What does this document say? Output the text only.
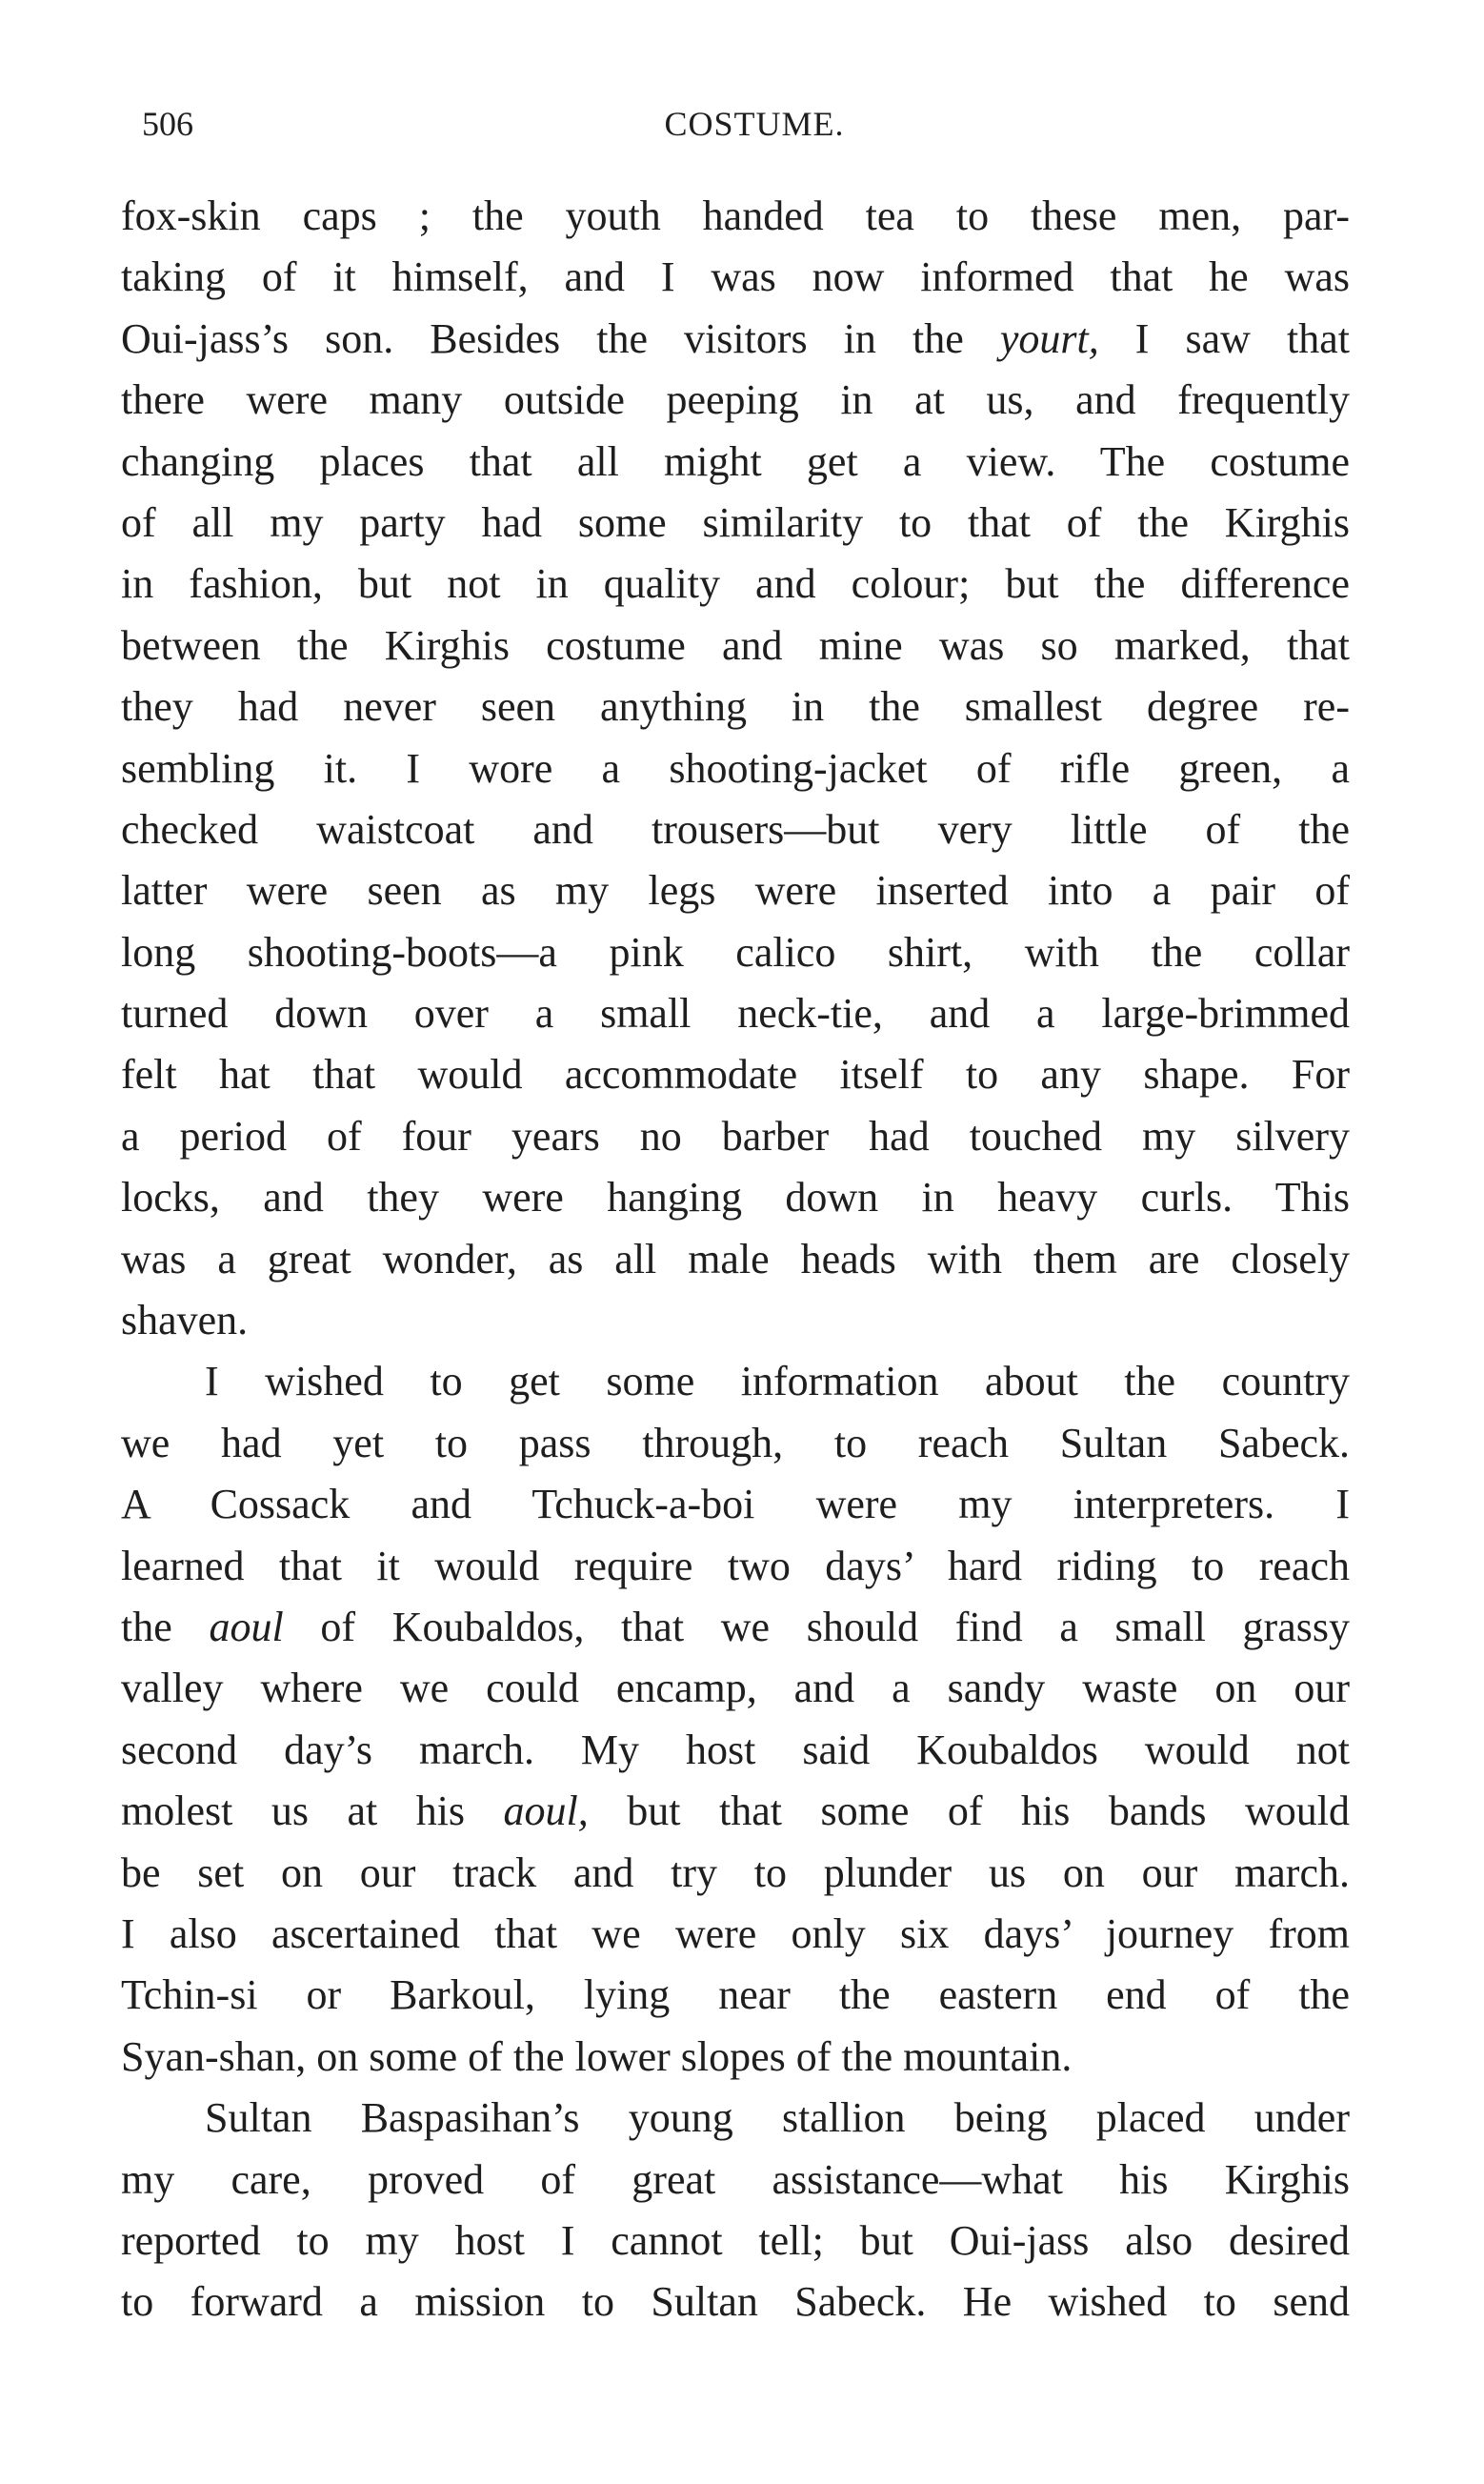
506	COSTUME.
fox-skin caps ; the youth handed tea to these men, par-
taking of it himself, and I was now informed that he was
Oui-jass’s son. Besides the visitors in the yourt, I saw that
there were many outside peeping in at us, and frequently
changing places that all might get a view. The costume
of all my party had some similarity to that of the Kirghis
in fashion, but not in quality and colour; but the difference
between the Kirghis costume and mine was so marked, that
they had never seen anything in the smallest degree re-
sembling it. I wore a shooting-jacket of rifle green, a
checked waistcoat and trousers—but very little of the
latter were seen as my legs were inserted into a pair of
long shooting-boots—a pink calico shirt, with the collar
turned down over a small neck-tie, and a large-brimmed
felt hat that would accommodate itself to any shape. For
a period of four years no barber had touched my silvery
locks, and they were hanging down in heavy curls. This
was a great wonder, as all male heads with them are closely
shaven.
I wished to get some information about the country
we had yet to pass through, to reach Sultan Sabeck.
A Cossack and Tchuck-a-boi were my interpreters. I
learned that it would require two days’ hard riding to reach
the aoul of Koubaldos, that we should find a small grassy
valley where we could encamp, and a sandy waste on our
second day’s march. My host said Koubaldos would not
molest us at his aoul, but that some of his bands would
be set on our track and try to plunder us on our march.
I also ascertained that we were only six days’ journey from
Tchin-si or Barkoul, lying near the eastern end of the
Syan-shan, on some of the lower slopes of the mountain.
Sultan Baspasihan’s young stallion being placed under
my care, proved of great assistance—what his Kirghis
reported to my host I cannot tell; but Oui-jass also desired
to forward a mission to Sultan Sabeck. He wished to send
